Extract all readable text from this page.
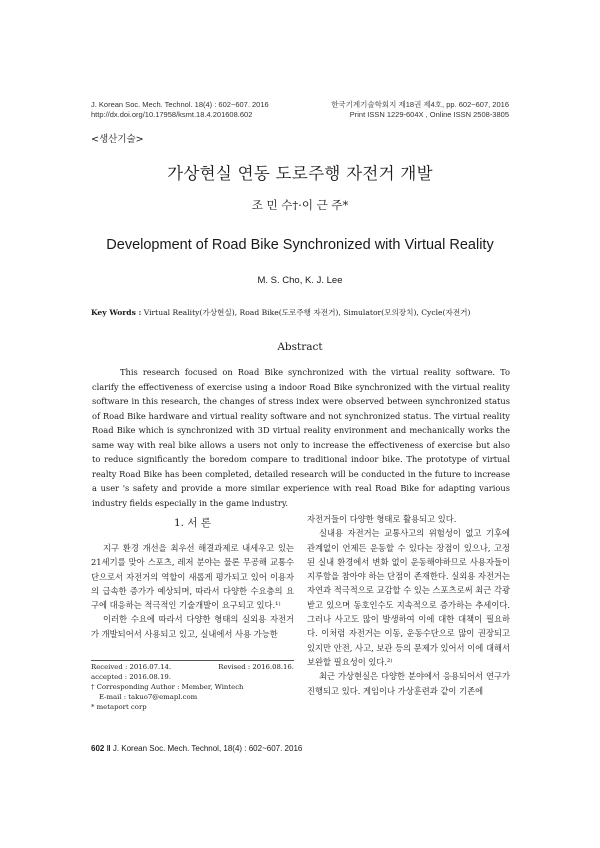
J. Korean Soc. Mech. Technol. 18(4) : 602~607. 2016
http://dx.doi.org/10.17958/ksmt.18.4.201608.602
한국기계기술학회지 제18권 제4호, pp. 602~607, 2016
Print ISSN 1229-604X , Online ISSN 2508-3805
<생산기술>
가상현실 연동 도로주행 자전거 개발
조 민 수†·이 근 주*
Development of Road Bike Synchronized with Virtual Reality
M. S. Cho, K. J. Lee
Key Words : Virtual Reality(가상현실), Road Bike(도로주행 자전거), Simulator(모의장치), Cycle(자전거)
Abstract

This research focused on Road Bike synchronized with the virtual reality software. To clarify the effectiveness of exercise using a indoor Road Bike synchronized with the virtual reality software in this research, the changes of stress index were observed between synchronized status of Road Bike hardware and virtual reality software and not synchronized status. The virtual reality Road Bike which is synchronized with 3D virtual reality environment and mechanically works the same way with real bike allows a users not only to increase the effectiveness of exercise but also to reduce significantly the boredom compare to traditional indoor bike. The prototype of virtual realty Road Bike has been completed, detailed research will be conducted in the future to increase a user 's safety and provide a more similar experience with real Road Bike for adapting various industry fields especially in the game industry.

1. 서 론

지구 환경 개선을 최우선 해결과제로 내세우고 있는 21세기를 맞아 스포츠, 레저 분야는 물론 무공해 교통수단으로서 자전거의 역할이 새롭게 평가되고 있어 이용자의 급속한 증가가 예상되며, 따라서 다양한 수요층의 요구에 대응하는 적극적인 기술개발이 요구되고 있다.¹⁾

이러한 수요에 따라서 다양한 형태의 실외용 자전거가 개발되어서 사용되고 있고, 실내에서 사용 가능한

자전거들이 다양한 형태로 활용되고 있다.

실내용 자전거는 교통사고의 위험성이 없고 기후에 관계없이 언제든 운동할 수 있다는 장점이 있으나, 고정된 실내 환경에서 변화 없이 운동해야하므로 사용자들이 지루함을 참아야 하는 단점이 존재한다. 실외용 자전거는 자연과 적극적으로 교감할 수 있는 스포츠로써 최근 각광받고 있으며 동호인수도 지속적으로 증가하는 추세이다. 그러나 사고도 많이 발생하여 이에 대한 대책이 필요하다. 이처럼 자전거는 이동, 운동수단으로 많이 권장되고 있지만 안전, 사고, 보관 등의 문제가 있어서 이에 대해서 보완할 필요성이 있다.²⁾

최근 가상현실은 다양한 분야에서 응용되어서 연구가 진행되고 있다. 게임이나 가상훈련과 같이 기존에

Received : 2016.07.14.	Revised : 2016.08.16.
accepted : 2016.08.19.
† Corresponding Author : Member, Wintech
E-mail : takuo7@emapl.com
* metaport corp
602 ‖ J. Korean Soc. Mech. Technol, 18(4) : 602~607. 2016
